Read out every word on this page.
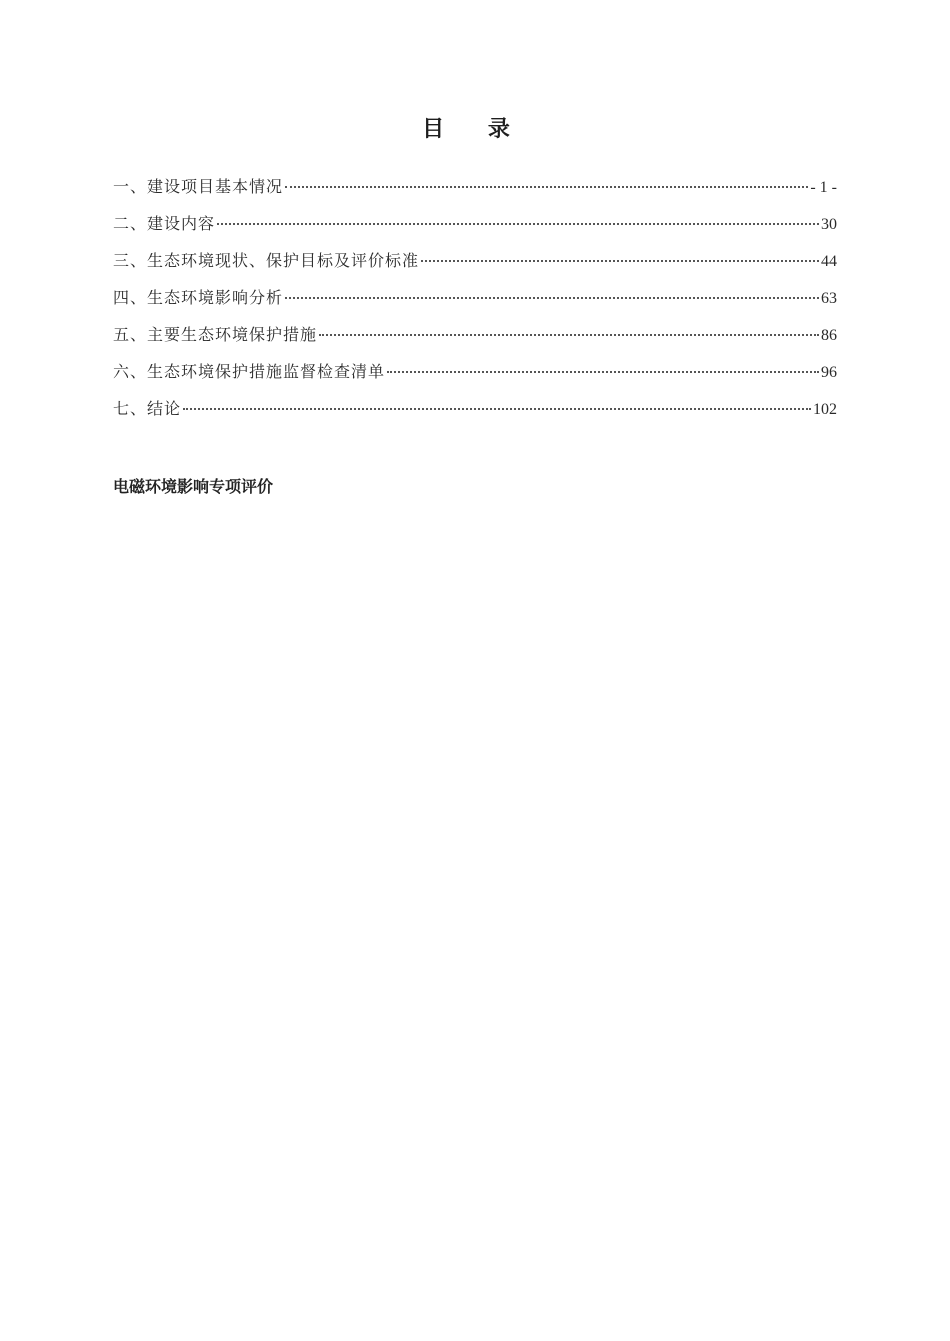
目 录
一、建设项目基本情况	- 1 -
二、建设内容	30
三、生态环境现状、保护目标及评价标准	44
四、生态环境影响分析	63
五、主要生态环境保护措施	86
六、生态环境保护措施监督检查清单	96
七、结论	102
电磁环境影响专项评价
